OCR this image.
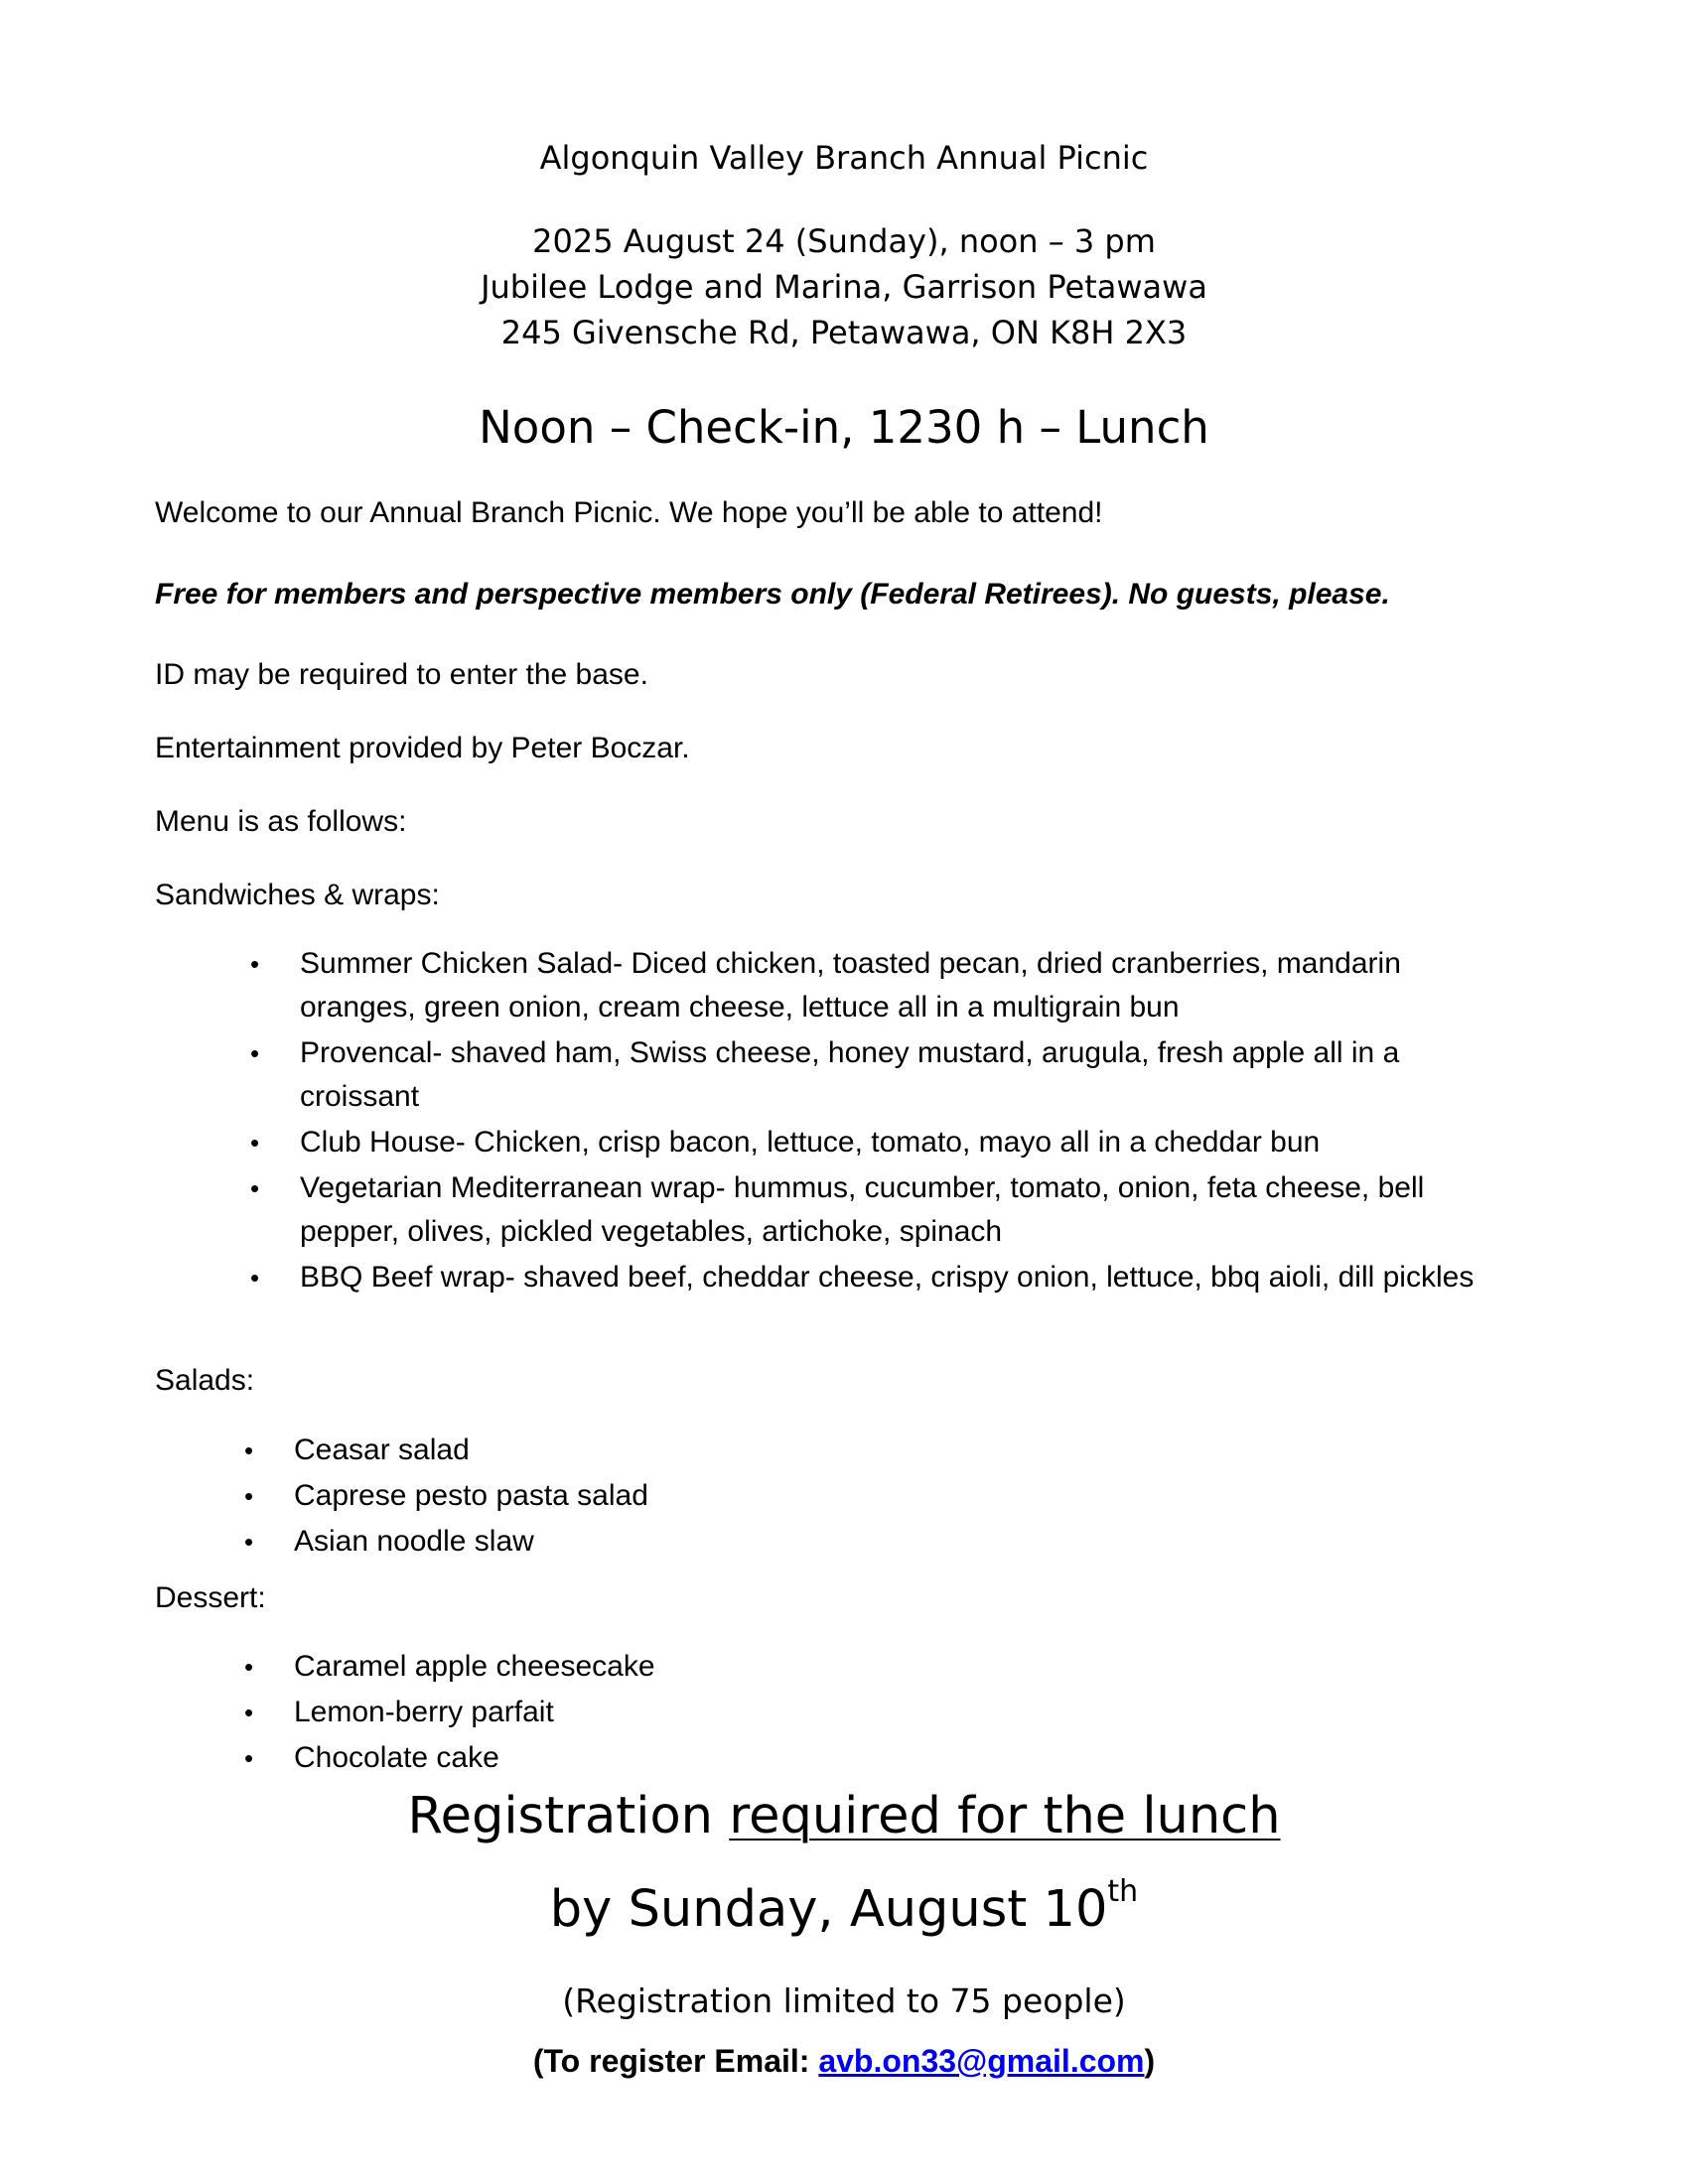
Algonquin Valley Branch Annual Picnic
2025 August 24 (Sunday), noon – 3 pm
Jubilee Lodge and Marina, Garrison Petawawa
245 Givensche Rd, Petawawa, ON K8H 2X3
Noon – Check-in, 1230 h – Lunch
Welcome to our Annual Branch Picnic. We hope you’ll be able to attend!
Free for members and perspective members only (Federal Retirees). No guests, please.
ID may be required to enter the base.
Entertainment provided by Peter Boczar.
Menu is as follows:
Sandwiches & wraps:
• Summer Chicken Salad- Diced chicken, toasted pecan, dried cranberries, mandarin oranges, green onion, cream cheese, lettuce all in a multigrain bun
• Provencal- shaved ham, Swiss cheese, honey mustard, arugula, fresh apple all in a croissant
• Club House- Chicken, crisp bacon, lettuce, tomato, mayo all in a cheddar bun
• Vegetarian Mediterranean wrap- hummus, cucumber, tomato, onion, feta cheese, bell pepper, olives, pickled vegetables, artichoke, spinach
• BBQ Beef wrap- shaved beef, cheddar cheese, crispy onion, lettuce, bbq aioli, dill pickles
Salads:
• Ceasar salad
• Caprese pesto pasta salad
• Asian noodle slaw
Dessert:
• Caramel apple cheesecake
• Lemon-berry parfait
• Chocolate cake
Registration required for the lunch
by Sunday, August 10th
(Registration limited to 75 people)
(To register Email: avb.on33@gmail.com)
